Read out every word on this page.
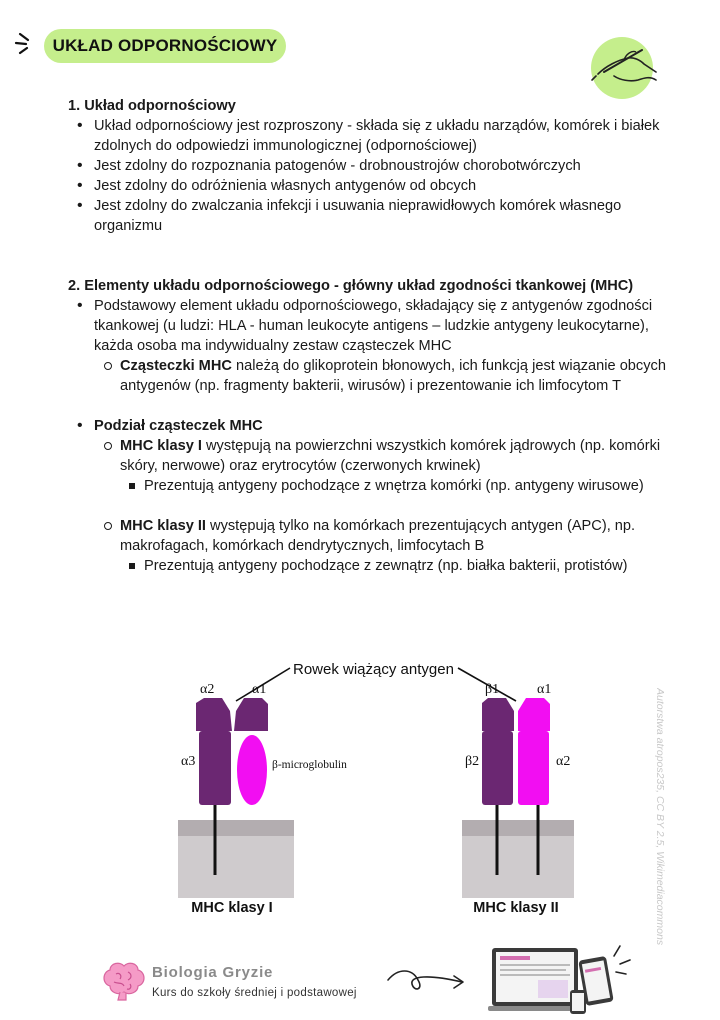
UKŁAD ODPORNOŚCIOWY

1. Układ odpornościowy

• Układ odpornościowy jest rozproszony - składa się z układu narządów, komórek i białek zdolnych do odpowiedzi immunologicznej (odpornościowej)
• Jest zdolny do rozpoznania patogenów - drobnoustrojów chorobotwórczych
• Jest zdolny do odróżnienia własnych antygenów od obcych
• Jest zdolny do zwalczania infekcji i usuwania nieprawidłowych komórek własnego organizmu

2. Elementy układu odpornościowego - główny układ zgodności tkankowej (MHC)

• Podstawowy element układu odpornościowego, składający się z antygenów zgodności tkankowej (u ludzi: HLA - human leukocyte antigens – ludzkie antygeny leukocytarne), każda osoba ma indywidualny zestaw cząsteczek MHC
Cząsteczki MHC należą do glikoprotein błonowych, ich funkcją jest wiązanie obcych antygenów (np. fragmenty bakterii, wirusów) i prezentowanie ich limfocytom T
• Podział cząsteczek MHC
MHC klasy I występują na powierzchni wszystkich komórek jądrowych (np. komórki skóry, nerwowe) oraz erytrocytów (czerwonych krwinek)
Prezentują antygeny pochodzące z wnętrza komórki (np. antygeny wirusowe)
MHC klasy II występują tylko na komórkach prezentujących antygen (APC), np. makrofagach, komórkach dendrytycznych, limfocytach B
Prezentują antygeny pochodzące z zewnątrz (np. białka bakterii, protistów)
Rowek wiążący antygen
α2	α1
α3	β-microglobulin
MHC klasy I
β1	α1
β2	α2
MHC klasy II	Autorstwa atropos235, CC BY 2.5, Wikimediacommons
Biologia Gryzie
Kurs do szkoły średniej i podstawowej
